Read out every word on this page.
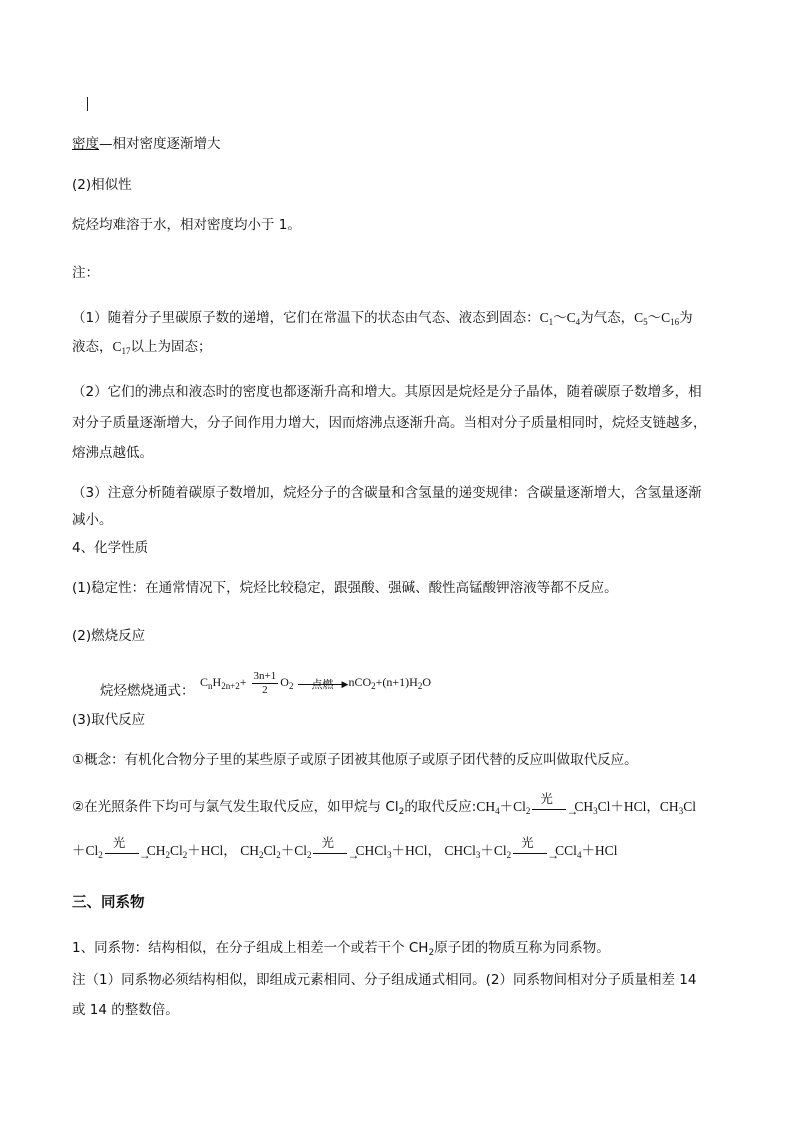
密度—相对密度逐渐增大
(2)相似性
烷烃均难溶于水，相对密度均小于 1。
注：
（1）随着分子里碳原子数的递增，它们在常温下的状态由气态、液态到固态：$C_1\sim C_4$为气态，$C_5\sim C_{16}$为
液态，$C_{17}$以上为固态；
（2）它们的沸点和液态时的密度也都逐渐升高和增大。其原因是烷烃是分子晶体，随着碳原子数增多，相
对分子质量逐渐增大，分子间作用力增大，因而熔沸点逐渐升高。当相对分子质量相同时，烷烃支链越多，
熔沸点越低。
（3）注意分析随着碳原子数增加，烷烃分子的含碳量和含氢量的递变规律：含碳量逐渐增大，含氢量逐渐
减小。
4、化学性质
(1)稳定性：在通常情况下，烷烃比较稳定，跟强酸、强碱、酸性高锰酸钾溶液等都不反应。
(2)燃烧反应
烷烃燃烧通式：
$C_nH_{2n+2}+ \frac{3n+1}{2} O_2$	点燃 ▶ $nCO_2+(n+1)H_2O$
(3)取代反应
①概念：有机化合物分子里的某些原子或原子团被其他原子或原子团代替的反应叫做取代反应。
②在光照条件下均可与氯气发生取代反应，如甲烷与 $Cl_2$的取代反应$:CH_4+Cl_2$
光
→
$CH_3Cl+HCl$，$CH_3Cl$
$+Cl_2$
光
→
$CH_2Cl_2+HCl$， $CH_2Cl_2+Cl_2$
光
→
CHCl$_3$＋HCl， $CHCl_3+Cl_2$
光
→
CCl$_4$＋HCl
三、同系物
1、同系物：结构相似，在分子组成上相差一个或若干个 $CH_2$原子团的物质互称为同系物。
注（1）同系物必须结构相似，即组成元素相同、分子组成通式相同。(2）同系物间相对分子质量相差 14
或 14 的整数倍。
